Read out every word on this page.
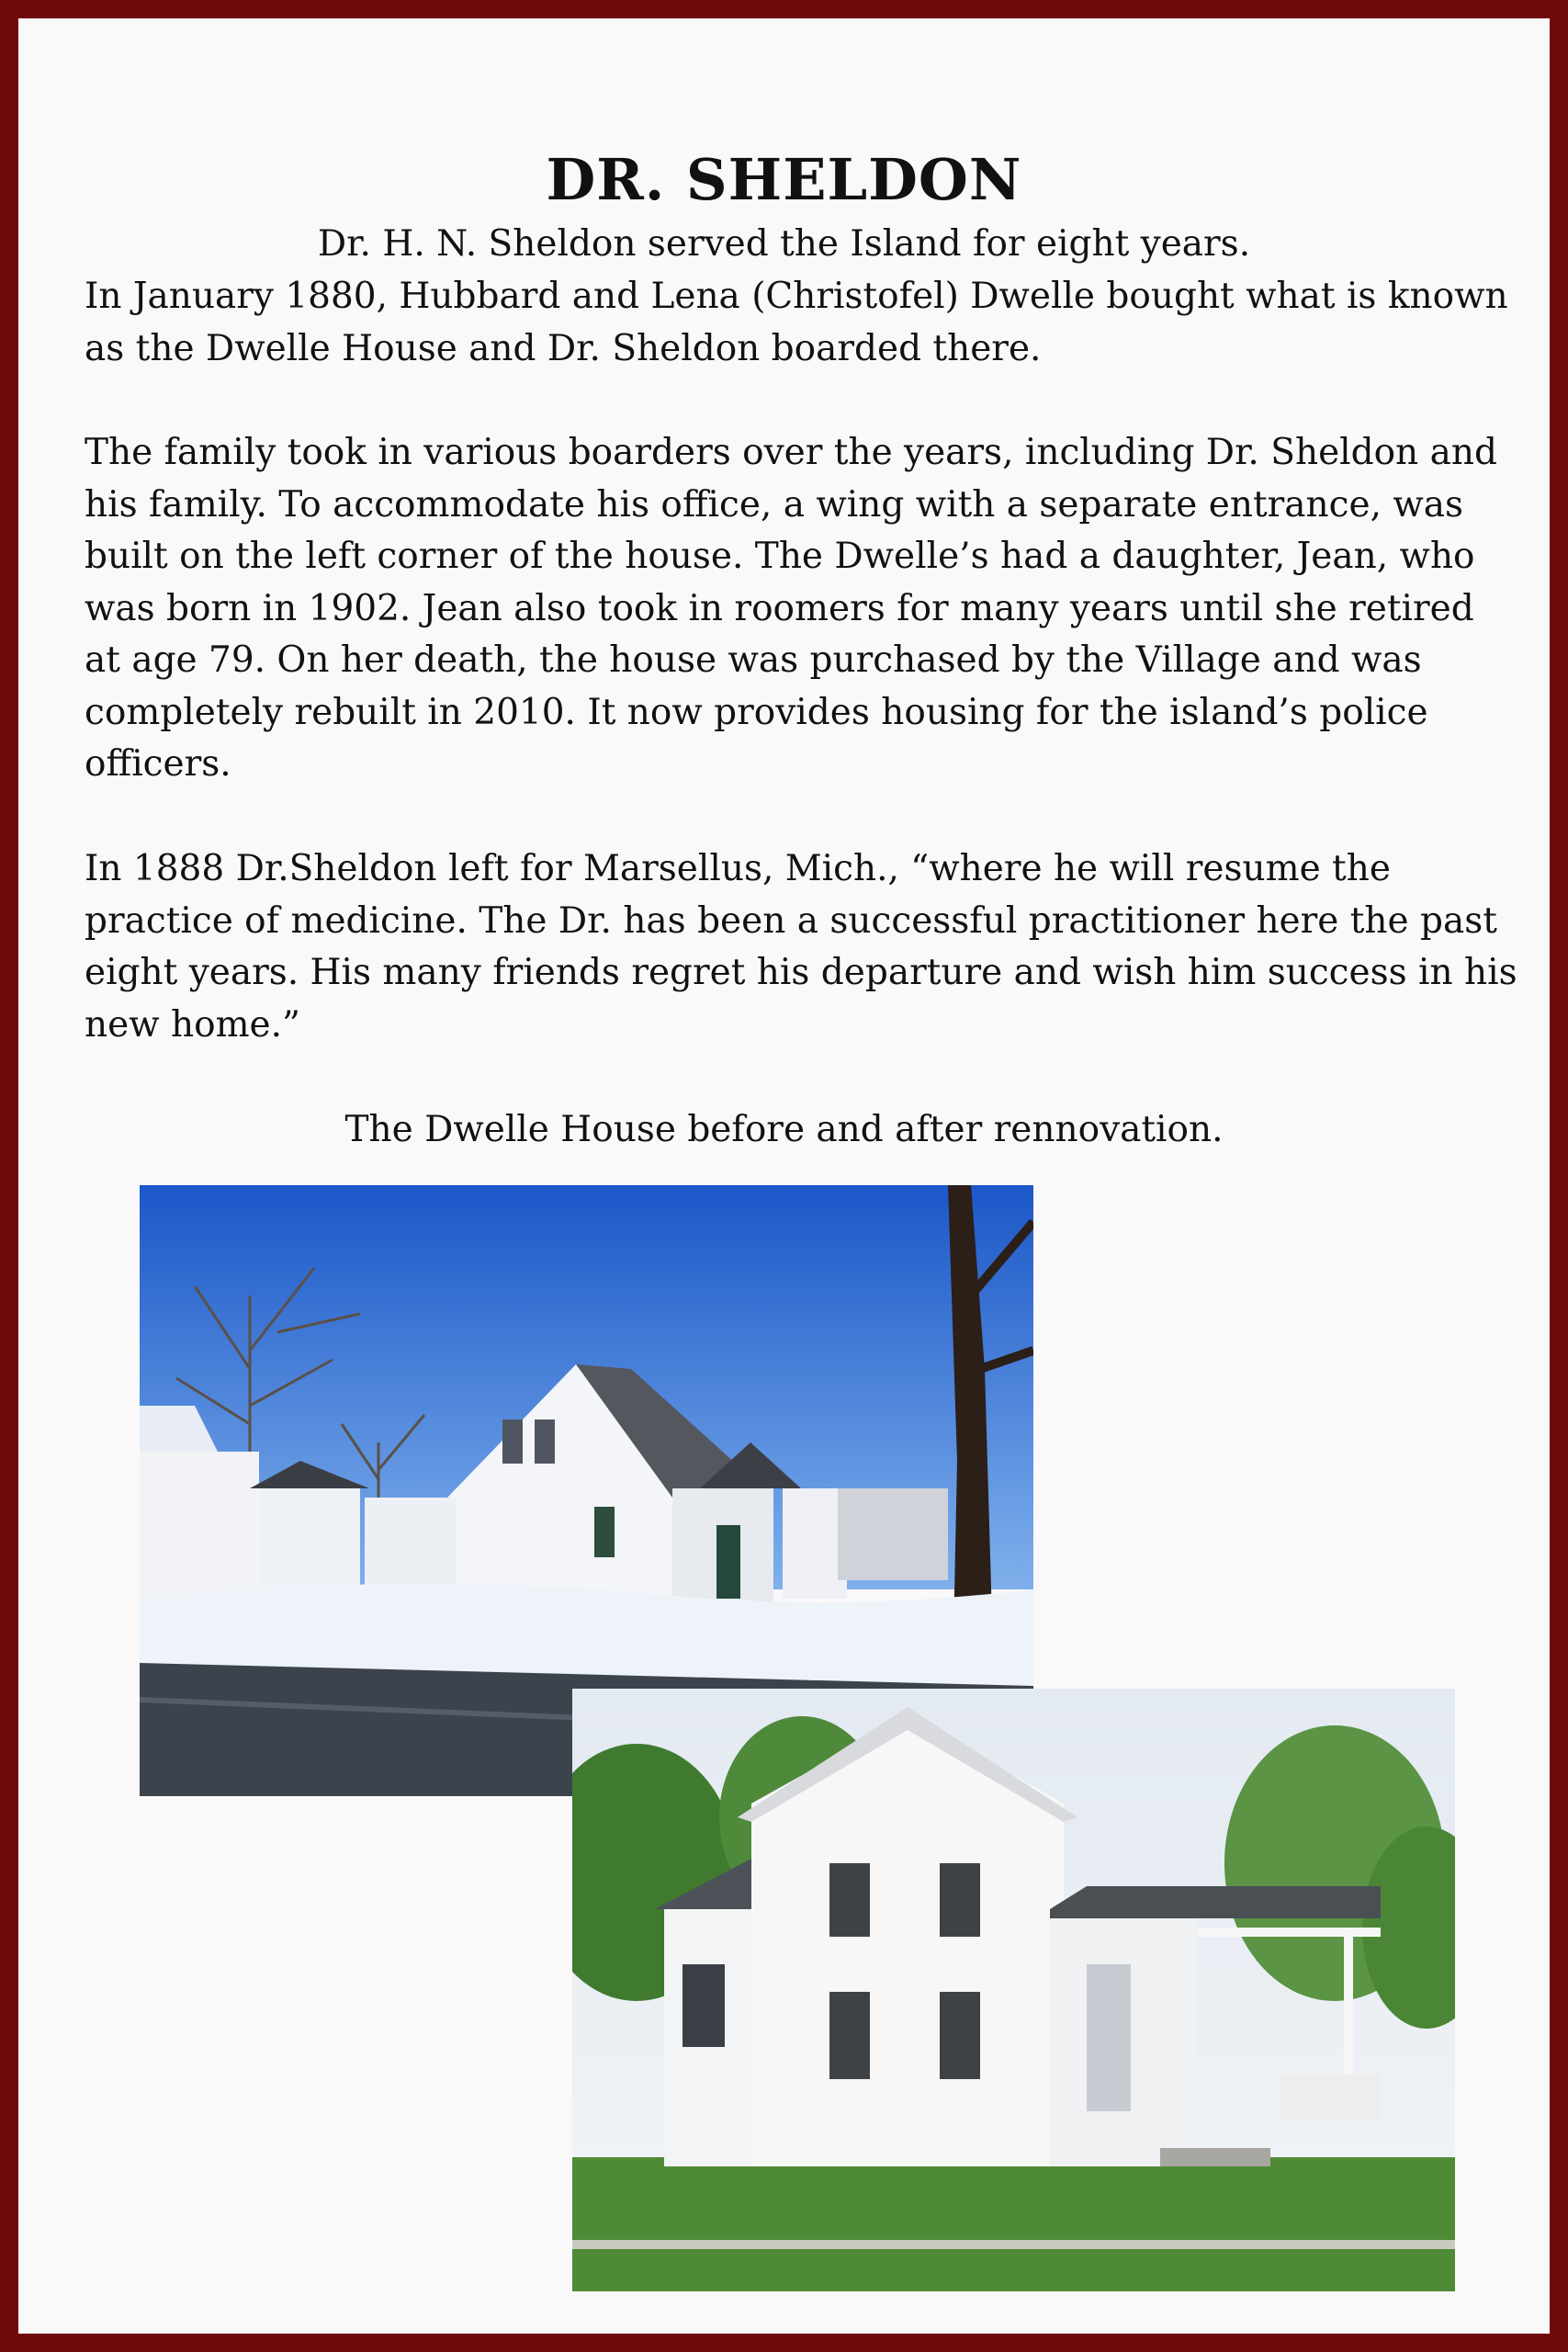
DR. SHELDON
Dr. H. N. Sheldon served the Island for eight years.

In January 1880, Hubbard and Lena (Christofel) Dwelle bought what is known as the Dwelle House and Dr. Sheldon boarded there.

The family took in various boarders over the years, including Dr. Sheldon and his family. To accommodate his office, a wing with a separate entrance, was built on the left corner of the house. The Dwelle’s had a daughter, Jean, who was born in 1902. Jean also took in roomers for many years until she retired at age 79. On her death, the house was purchased by the Village and was completely rebuilt in 2010. It now provides housing for the island’s police officers.

In 1888 Dr.Sheldon left for Marsellus, Mich., “where he will resume the practice of medicine. The Dr. has been a successful practitioner here the past eight years. His many friends regret his departure and wish him success in his new home.”

The Dwelle House before and after rennovation.
